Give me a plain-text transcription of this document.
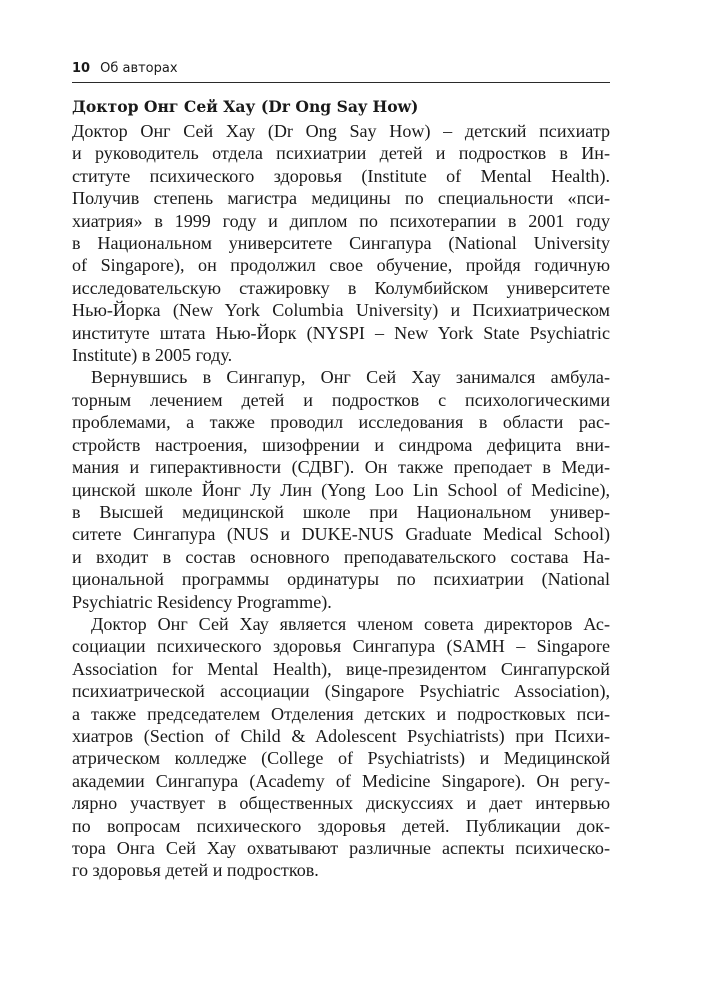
10 Об авторах
Доктор Онг Сей Хау (Dr Ong Say How)
Доктор Онг Сей Хау (Dr Ong Say How) – детский психиатр
и руководитель отдела психиатрии детей и подростков в Ин-
ституте психического здоровья (Institute of Mental Health).
Получив степень магистра медицины по специальности «пси-
хиатрия» в 1999 году и диплом по психотерапии в 2001 году
в Национальном университете Сингапура (National University
of Singapore), он продолжил свое обучение, пройдя годичную
исследовательскую стажировку в Колумбийском университете
Нью-Йорка (New York Columbia University) и Психиатрическом
институте штата Нью-Йорк (NYSPI – New York State Psychiatric
Institute) в 2005 году.
Вернувшись в Сингапур, Онг Сей Хау занимался амбула-
торным лечением детей и подростков с психологическими
проблемами, а также проводил исследования в области рас-
стройств настроения, шизофрении и синдрома дефицита вни-
мания и гиперактивности (СДВГ). Он также преподает в Меди-
цинской школе Йонг Лу Лин (Yong Loo Lin School of Medicine),
в Высшей медицинской школе при Национальном универ-
ситете Сингапура (NUS и DUKE-NUS Graduate Medical School)
и входит в состав основного преподавательского состава На-
циональной программы ординатуры по психиатрии (National
Psychiatric Residency Programme).
Доктор Онг Сей Хау является членом совета директоров Ас-
социации психического здоровья Сингапура (SAMH – Singapore
Association for Mental Health), вице-президентом Сингапурской
психиатрической ассоциации (Singapore Psychiatric Association),
а также председателем Отделения детских и подростковых пси-
хиатров (Section of Child & Adolescent Psychiatrists) при Психи-
атрическом колледже (College of Psychiatrists) и Медицинской
академии Сингапура (Academy of Medicine Singapore). Он регу-
лярно участвует в общественных дискуссиях и дает интервью
по вопросам психического здоровья детей. Публикации док-
тора Онга Сей Хау охватывают различные аспекты психическо-
го здоровья детей и подростков.
